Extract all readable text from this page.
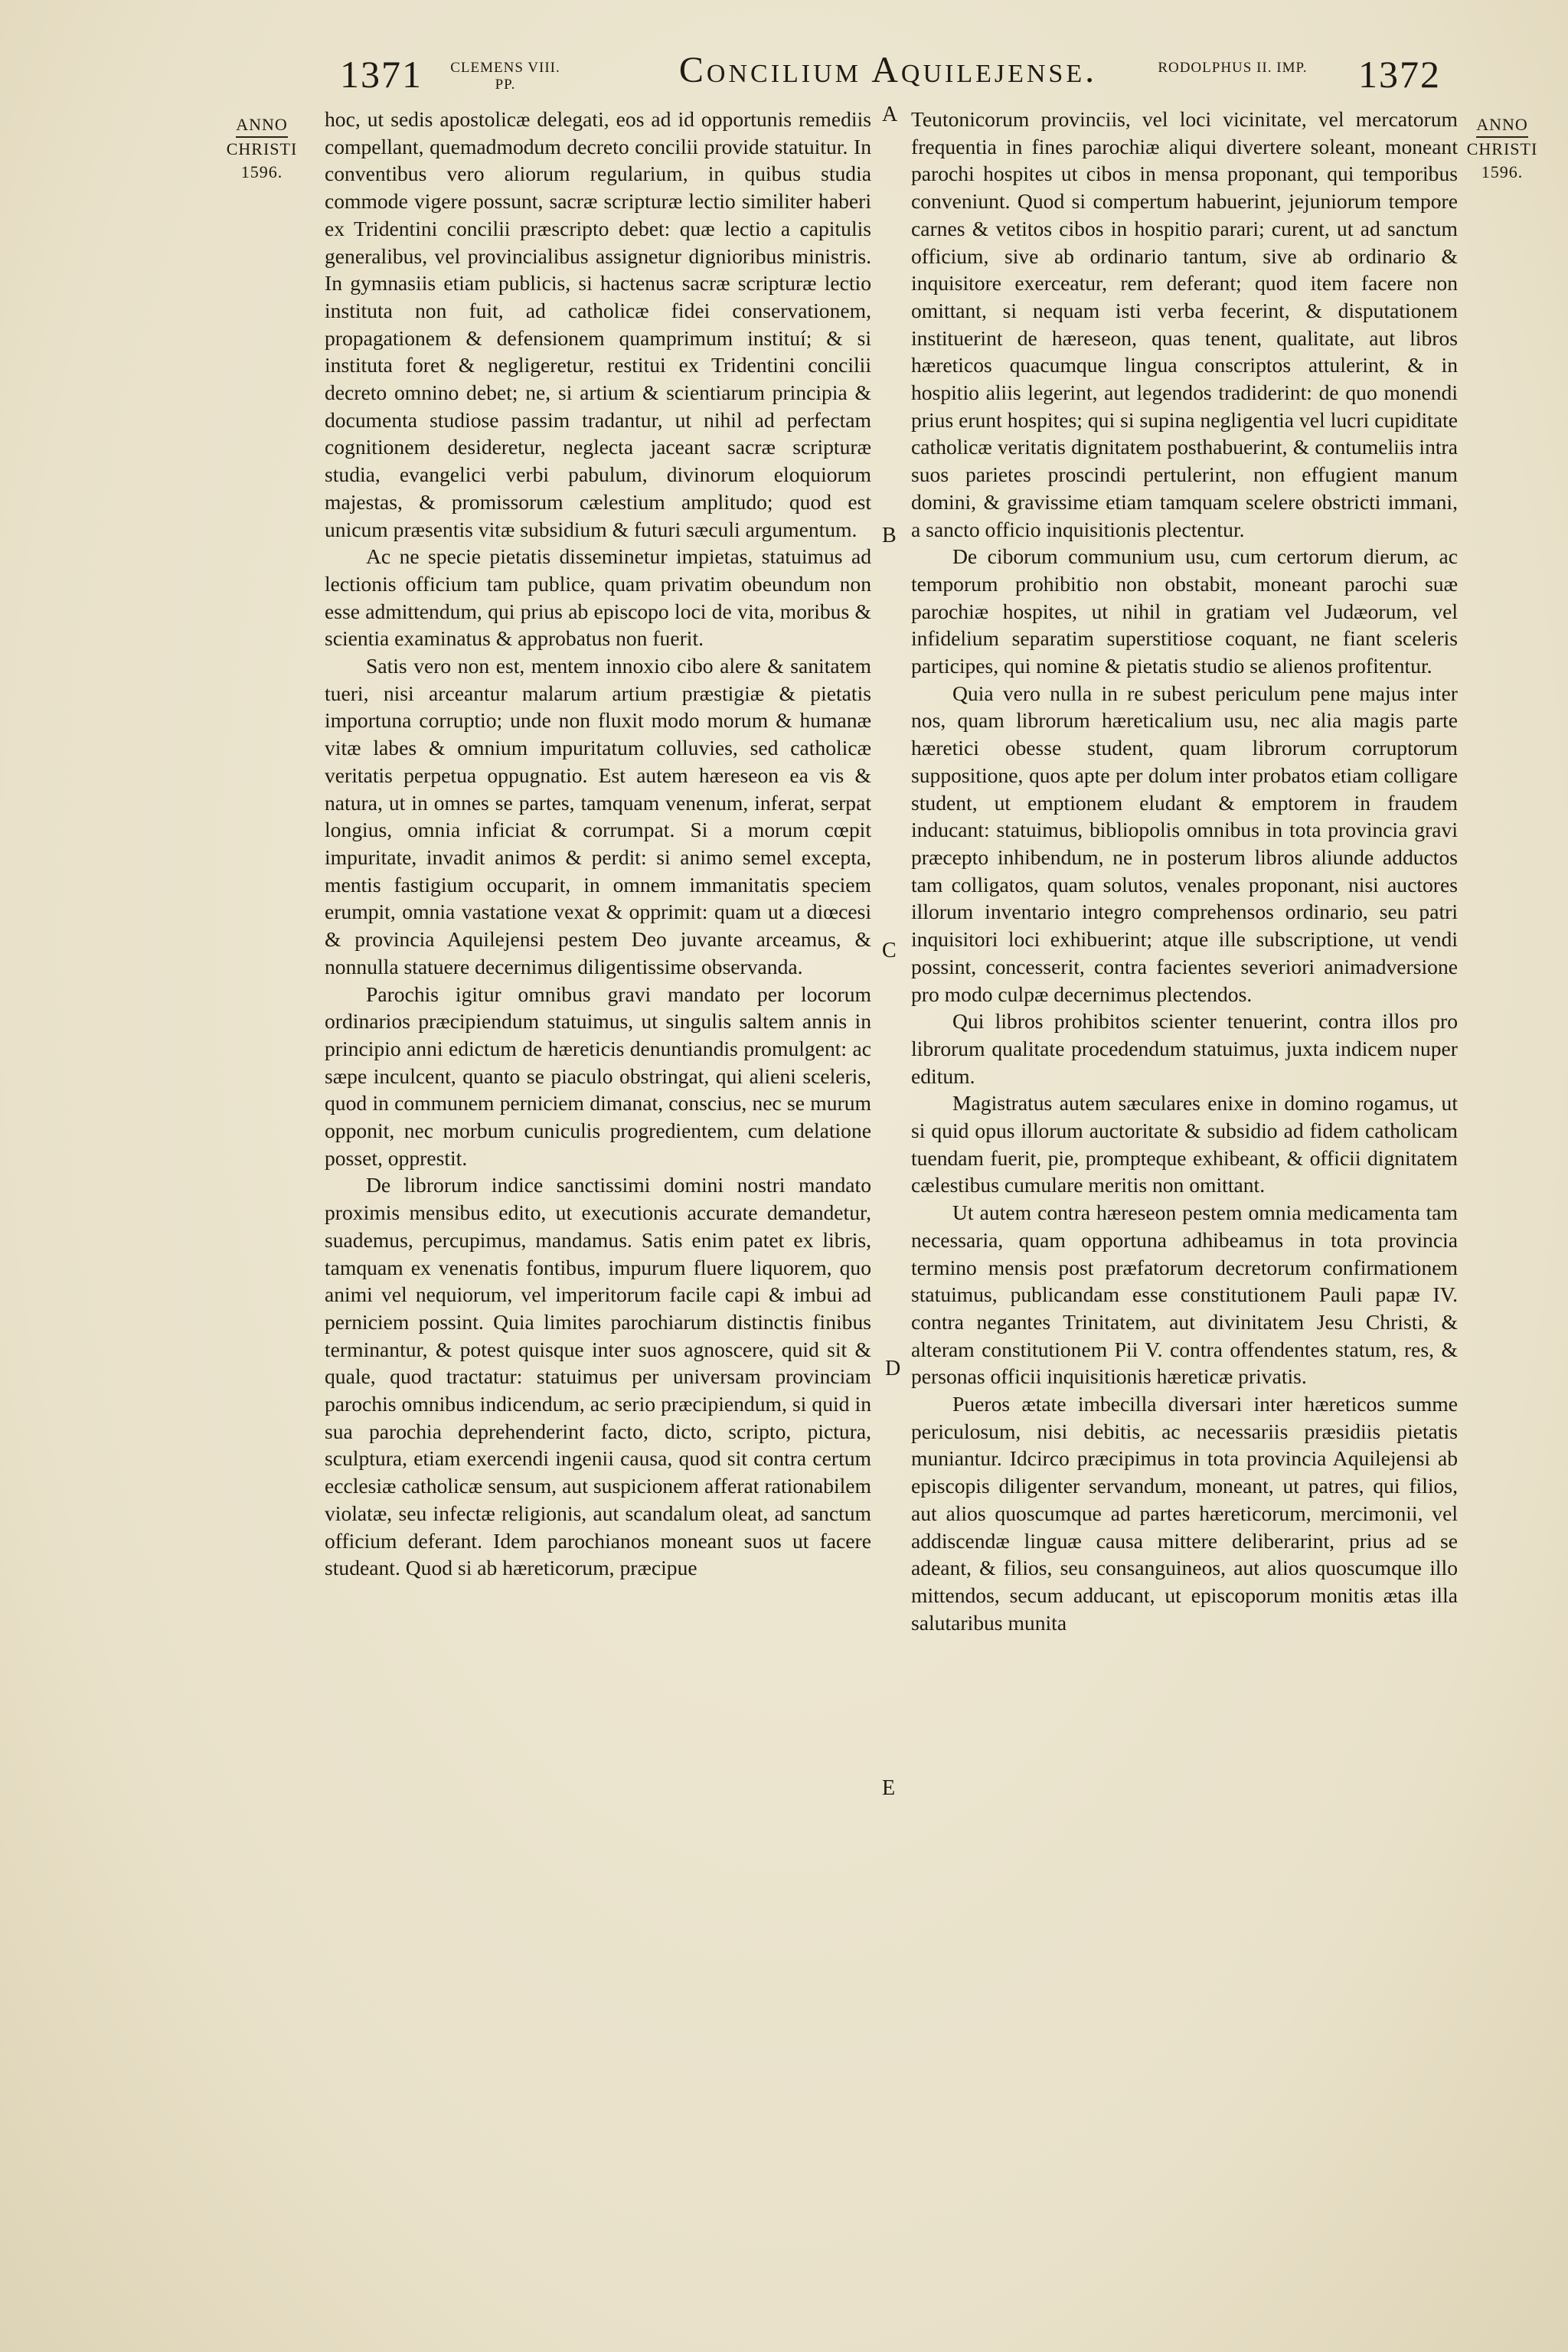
1371	CLEMENS VIII. PP.	Concilium Aquilejense.	RODOLPHUS II. IMP. 1372
ANNO
CHRISTI
1596.
ANNO
CHRISTI
1596.
A
B
C
D
E

hoc, ut sedis apostolicæ delegati, eos ad id opportunis remediis compellant, quemadmodum decreto concilii provide statuitur. In conventibus vero aliorum regularium, in quibus studia commode vigere possunt, sacræ scripturæ lectio similiter haberi ex Tridentini concilii præscripto debet: quæ lectio a capitulis generalibus, vel provincialibus assignetur dignioribus ministris. In gymnasiis etiam publicis, si hactenus sacræ scripturæ lectio instituta non fuit, ad catholicæ fidei conservationem, propagationem & defensionem quamprimum instituí; & si instituta foret & negligeretur, restitui ex Tridentini concilii decreto omnino debet; ne, si artium & scientiarum principia & documenta studiose passim tradantur, ut nihil ad perfectam cognitionem desideretur, neglecta jaceant sacræ scripturæ studia, evangelici verbi pabulum, divinorum eloquiorum majestas, & promissorum cælestium amplitudo; quod est unicum præsentis vitæ subsidium & futuri sæculi argumentum.

Ac ne specie pietatis disseminetur impietas, statuimus ad lectionis officium tam publice, quam privatim obeundum non esse admittendum, qui prius ab episcopo loci de vita, moribus & scientia examinatus & approbatus non fuerit.

Satis vero non est, mentem innoxio cibo alere & sanitatem tueri, nisi arceantur malarum artium præstigiæ & pietatis importuna corruptio; unde non fluxit modo morum & humanæ vitæ labes & omnium impuritatum colluvies, sed catholicæ veritatis perpetua oppugnatio. Est autem hæreseon ea vis & natura, ut in omnes se partes, tamquam venenum, inferat, serpat longius, omnia inficiat & corrumpat. Si a morum cœpit impuritate, invadit animos & perdit: si animo semel excepta, mentis fastigium occuparit, in omnem immanitatis speciem erumpit, omnia vastatione vexat & opprimit: quam ut a diœcesi & provincia Aquilejensi pestem Deo juvante arceamus, & nonnulla statuere decernimus diligentissime observanda.

Parochis igitur omnibus gravi mandato per locorum ordinarios præcipiendum statuimus, ut singulis saltem annis in principio anni edictum de hæreticis denuntiandis promulgent: ac sæpe inculcent, quanto se piaculo obstringat, qui alieni sceleris, quod in communem perniciem dimanat, conscius, nec se murum opponit, nec morbum cuniculis progredientem, cum delatione posset, opprestit.

De librorum indice sanctissimi domini nostri mandato proximis mensibus edito, ut executionis accurate demandetur, suademus, percupimus, mandamus. Satis enim patet ex libris, tamquam ex venenatis fontibus, impurum fluere liquorem, quo animi vel nequiorum, vel imperitorum facile capi & imbui ad perniciem possint. Quia limites parochiarum distinctis finibus terminantur, & potest quisque inter suos agnoscere, quid sit & quale, quod tractatur: statuimus per universam provinciam parochis omnibus indicendum, ac serio præcipiendum, si quid in sua parochia deprehenderint facto, dicto, scripto, pictura, sculptura, etiam exercendi ingenii causa, quod sit contra certum ecclesiæ catholicæ sensum, aut suspicionem afferat rationabilem violatæ, seu infectæ religionis, aut scandalum oleat, ad sanctum officium deferant. Idem parochianos moneant suos ut facere studeant. Quod si ab hæreticorum, præcipue

Teutonicorum provinciis, vel loci vicinitate, vel mercatorum frequentia in fines parochiæ aliqui divertere soleant, moneant parochi hospites ut cibos in mensa proponant, qui temporibus conveniunt. Quod si compertum habuerint, jejuniorum tempore carnes & vetitos cibos in hospitio parari; curent, ut ad sanctum officium, sive ab ordinario tantum, sive ab ordinario & inquisitore exerceatur, rem deferant; quod item facere non omittant, si nequam isti verba fecerint, & disputationem instituerint de hæreseon, quas tenent, qualitate, aut libros hæreticos quacumque lingua conscriptos attulerint, & in hospitio aliis legerint, aut legendos tradiderint: de quo monendi prius erunt hospites; qui si supina negligentia vel lucri cupiditate catholicæ veritatis dignitatem posthabuerint, & contumeliis intra suos parietes proscindi pertulerint, non effugient manum domini, & gravissime etiam tamquam scelere obstricti immani, a sancto officio inquisitionis plectentur.

De ciborum communium usu, cum certorum dierum, ac temporum prohibitio non obstabit, moneant parochi suæ parochiæ hospites, ut nihil in gratiam vel Judæorum, vel infidelium separatim superstitiose coquant, ne fiant sceleris participes, qui nomine & pietatis studio se alienos profitentur.

Quia vero nulla in re subest periculum pene majus inter nos, quam librorum hæreticalium usu, nec alia magis parte hæretici obesse student, quam librorum corruptorum suppositione, quos apte per dolum inter probatos etiam colligare student, ut emptionem eludant & emptorem in fraudem inducant: statuimus, bibliopolis omnibus in tota provincia gravi præcepto inhibendum, ne in posterum libros aliunde adductos tam colligatos, quam solutos, venales proponant, nisi auctores illorum inventario integro comprehensos ordinario, seu patri inquisitori loci exhibuerint; atque ille subscriptione, ut vendi possint, concesserit, contra facientes severiori animadversione pro modo culpæ decernimus plectendos.

Qui libros prohibitos scienter tenuerint, contra illos pro librorum qualitate procedendum statuimus, juxta indicem nuper editum.

Magistratus autem sæculares enixe in domino rogamus, ut si quid opus illorum auctoritate & subsidio ad fidem catholicam tuendam fuerit, pie, prompteque exhibeant, & officii dignitatem cælestibus cumulare meritis non omittant.

Ut autem contra hæreseon pestem omnia medicamenta tam necessaria, quam opportuna adhibeamus in tota provincia termino mensis post præfatorum decretorum confirmationem statuimus, publicandam esse constitutionem Pauli papæ IV. contra negantes Trinitatem, aut divinitatem Jesu Christi, & alteram constitutionem Pii V. contra offendentes statum, res, & personas officii inquisitionis hæreticæ privatis.

Pueros ætate imbecilla diversari inter hæreticos summe periculosum, nisi debitis, ac necessariis præsidiis pietatis muniantur. Idcirco præcipimus in tota provincia Aquilejensi ab episcopis diligenter servandum, moneant, ut patres, qui filios, aut alios quoscumque ad partes hæreticorum, mercimonii, vel addiscendæ linguæ causa mittere deliberarint, prius ad se adeant, & filios, seu consanguineos, aut alios quoscumque illo mittendos, secum adducant, ut episcoporum monitis ætas illa salutaribus munita
